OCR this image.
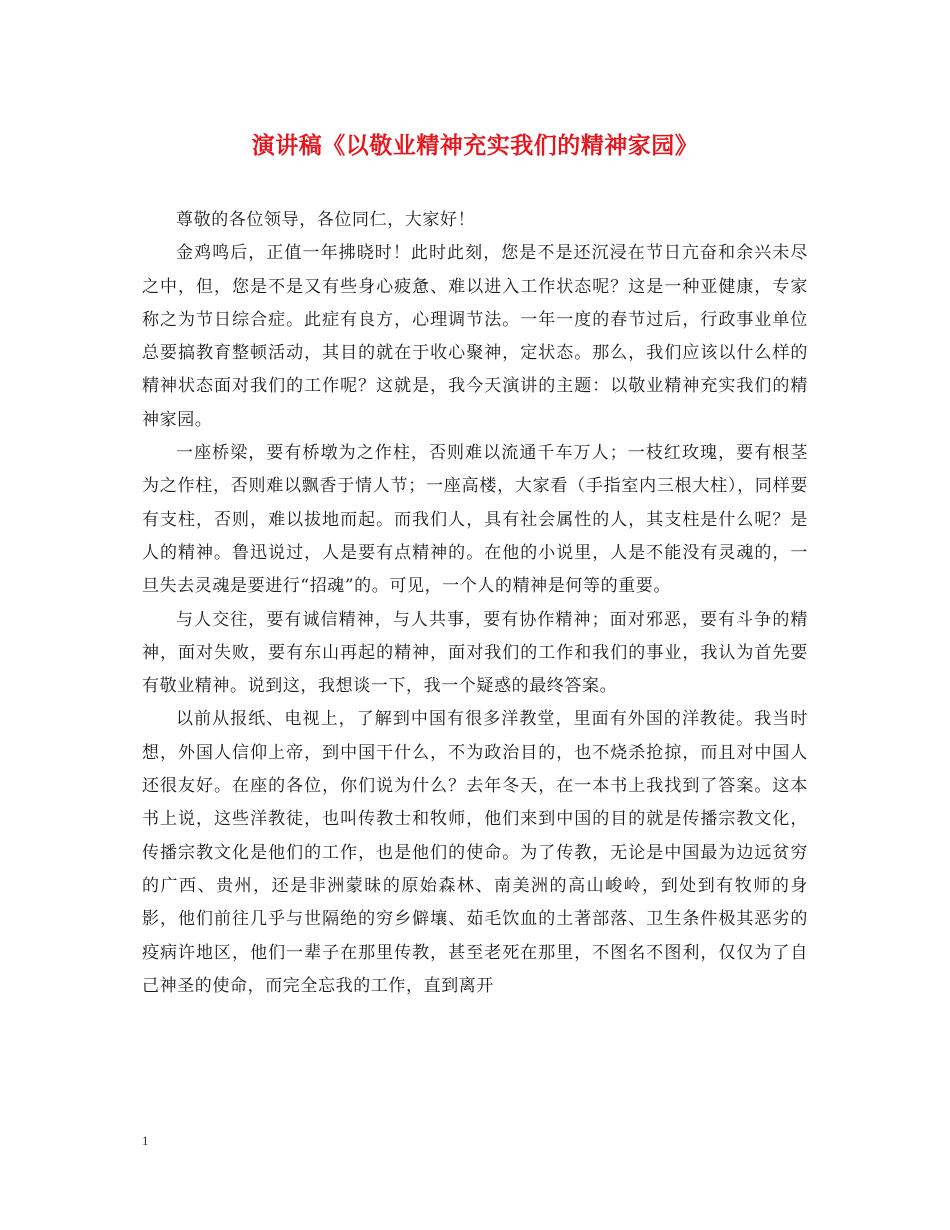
演讲稿《以敬业精神充实我们的精神家园》

尊敬的各位领导，各位同仁，大家好！

金鸡鸣后，正值一年拂晓时！此时此刻，您是不是还沉浸在节日亢奋和余兴未尽之中，但，您是不是又有些身心疲惫、难以进入工作状态呢？这是一种亚健康，专家称之为节日综合症。此症有良方，心理调节法。一年一度的春节过后，行政事业单位总要搞教育整顿活动，其目的就在于收心聚神，定状态。那么，我们应该以什么样的精神状态面对我们的工作呢？这就是，我今天演讲的主题：以敬业精神充实我们的精神家园。

一座桥梁，要有桥墩为之作柱，否则难以流通千车万人；一枝红玫瑰，要有根茎为之作柱，否则难以飘香于情人节；一座高楼，大家看（手指室内三根大柱），同样要有支柱，否则，难以拔地而起。而我们人，具有社会属性的人，其支柱是什么呢？是人的精神。鲁迅说过，人是要有点精神的。在他的小说里，人是不能没有灵魂的，一旦失去灵魂是要进行“招魂”的。可见，一个人的精神是何等的重要。

与人交往，要有诚信精神，与人共事，要有协作精神；面对邪恶，要有斗争的精神，面对失败，要有东山再起的精神，面对我们的工作和我们的事业，我认为首先要有敬业精神。说到这，我想谈一下，我一个疑惑的最终答案。

以前从报纸、电视上，了解到中国有很多洋教堂，里面有外国的洋教徒。我当时想，外国人信仰上帝，到中国干什么，不为政治目的，也不烧杀抢掠，而且对中国人还很友好。在座的各位，你们说为什么？去年冬天，在一本书上我找到了答案。这本书上说，这些洋教徒，也叫传教士和牧师，他们来到中国的目的就是传播宗教文化，传播宗教文化是他们的工作，也是他们的使命。为了传教，无论是中国最为边远贫穷的广西、贵州，还是非洲蒙昧的原始森林、南美洲的高山峻岭，到处到有牧师的身影，他们前往几乎与世隔绝的穷乡僻壤、茹毛饮血的土著部落、卫生条件极其恶劣的疫病许地区，他们一辈子在那里传教，甚至老死在那里，不图名不图利，仅仅为了自己神圣的使命，而完全忘我的工作，直到离开

1
